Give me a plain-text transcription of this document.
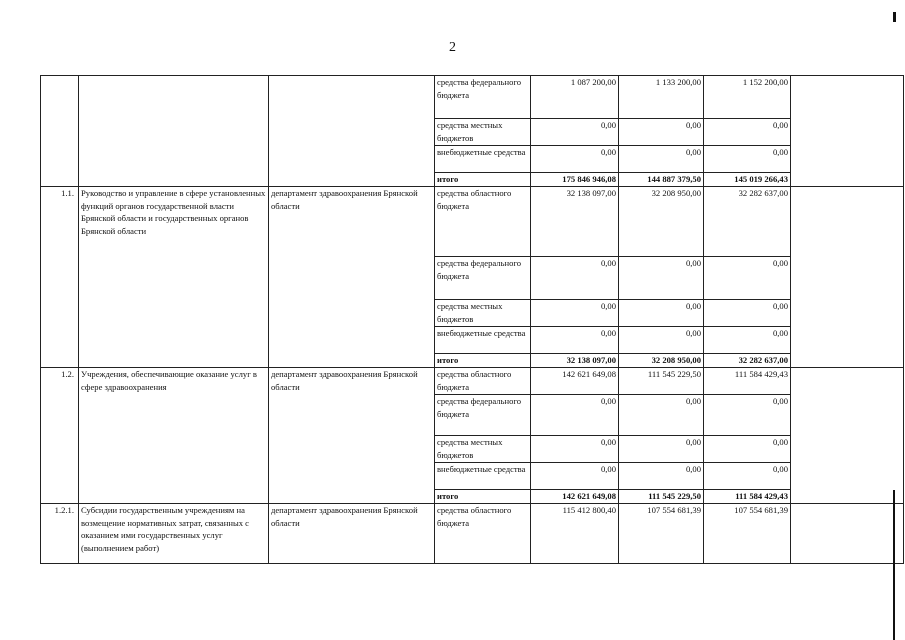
2
			средства федерального бюджета	1 087 200,00	1 133 200,00	1 152 200,00	
			средства местных бюджетов	0,00	0,00	0,00	
			внебюджетные средства	0,00	0,00	0,00	
			итого	175 846 946,08	144 887 379,50	145 019 266,43	
1.1.	Руководство и управление в сфере установленных функций органов государственной власти Брянской области и государственных органов Брянской области	департамент здравоохранения Брянской области	средства областного бюджета	32 138 097,00	32 208 950,00	32 282 637,00	
			средства федерального бюджета	0,00	0,00	0,00	
			средства местных бюджетов	0,00	0,00	0,00	
			внебюджетные средства	0,00	0,00	0,00	
			итого	32 138 097,00	32 208 950,00	32 282 637,00	
1.2.	Учреждения, обеспечивающие оказание услуг в сфере здравоохранения	департамент здравоохранения Брянской области	средства областного бюджета	142 621 649,08	111 545 229,50	111 584 429,43	
			средства федерального бюджета	0,00	0,00	0,00	
			средства местных бюджетов	0,00	0,00	0,00	
			внебюджетные средства	0,00	0,00	0,00	
			итого	142 621 649,08	111 545 229,50	111 584 429,43	
1.2.1.	Субсидии государственным учреждениям на возмещение нормативных затрат, связанных с оказанием ими государственных услуг (выполнением работ)	департамент здравоохранения Брянской области	средства областного бюджета	115 412 800,40	107 554 681,39	107 554 681,39	
